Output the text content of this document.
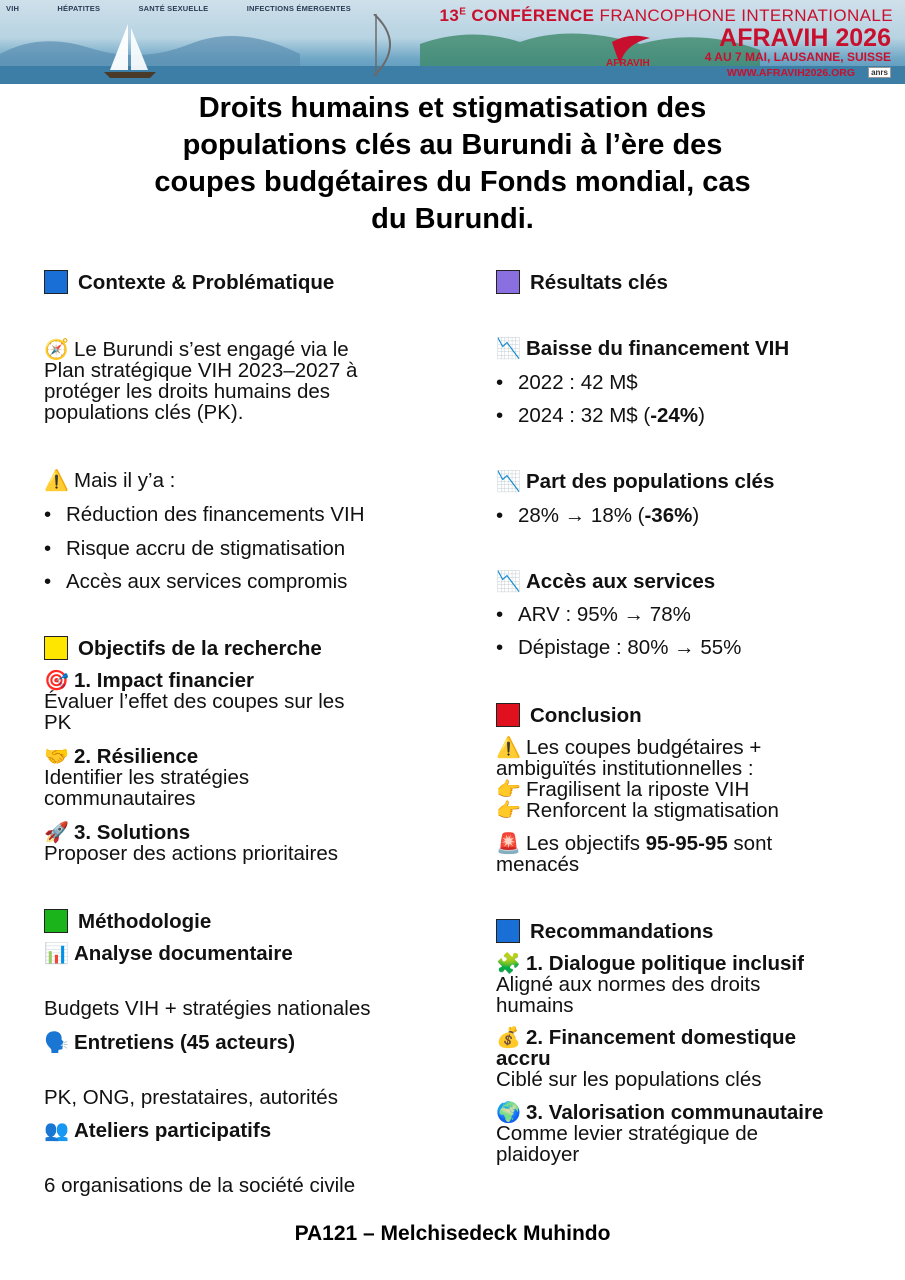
VIH	HÉPATITES	SANTÉ SEXUELLE	INFECTIONS ÉMERGENTES	$13^E$ CONFÉRENCE FRANCOPHONE INTERNATIONALE
AFRAVIH 2026
4 AU 7 MAI, LAUSANNE, SUISSE
WWW.AFRAVIH2026.ORG	anrs
AFRAVIH
Droits humains et stigmatisation des
populations clés au Burundi à l’ère des
coupes budgétaires du Fonds mondial, cas
du Burundi.
Contexte & Problématique
🧭 Le Burundi s’est engagé via le
Plan stratégique VIH 2023–2027 à
protéger les droits humains des
populations clés (PK).
⚠️ Mais il y’a :
• Réduction des financements VIH
• Risque accru de stigmatisation
• Accès aux services compromis
Objectifs de la recherche
🎯 1. Impact financier
Évaluer l’effet des coupes sur les
PK
🤝 2. Résilience
Identifier les stratégies
communautaires
🚀 3. Solutions
Proposer des actions prioritaires
Méthodologie
📊 Analyse documentaire
Budgets VIH + stratégies nationales
🗣️ Entretiens (45 acteurs)
PK, ONG, prestataires, autorités
👥 Ateliers participatifs
6 organisations de la société civile
Résultats clés
📉 Baisse du financement VIH
• 2022 : 42 M$
• 2024 : 32 M$ (-24%)
📉 Part des populations clés
• 28% → 18% (-36%)
📉 Accès aux services
• ARV : 95% → 78%
• Dépistage : 80% → 55%
Conclusion
⚠️ Les coupes budgétaires +
ambiguïtés institutionnelles :
👉 Fragilisent la riposte VIH
👉 Renforcent la stigmatisation
🚨 Les objectifs 95-95-95 sont
menacés
Recommandations
🧩 1. Dialogue politique inclusif
Aligné aux normes des droits
humains
💰 2. Financement domestique
accru
Ciblé sur les populations clés
🌍 3. Valorisation communautaire
Comme levier stratégique de
plaidoyer
PA121 – Melchisedeck Muhindo
